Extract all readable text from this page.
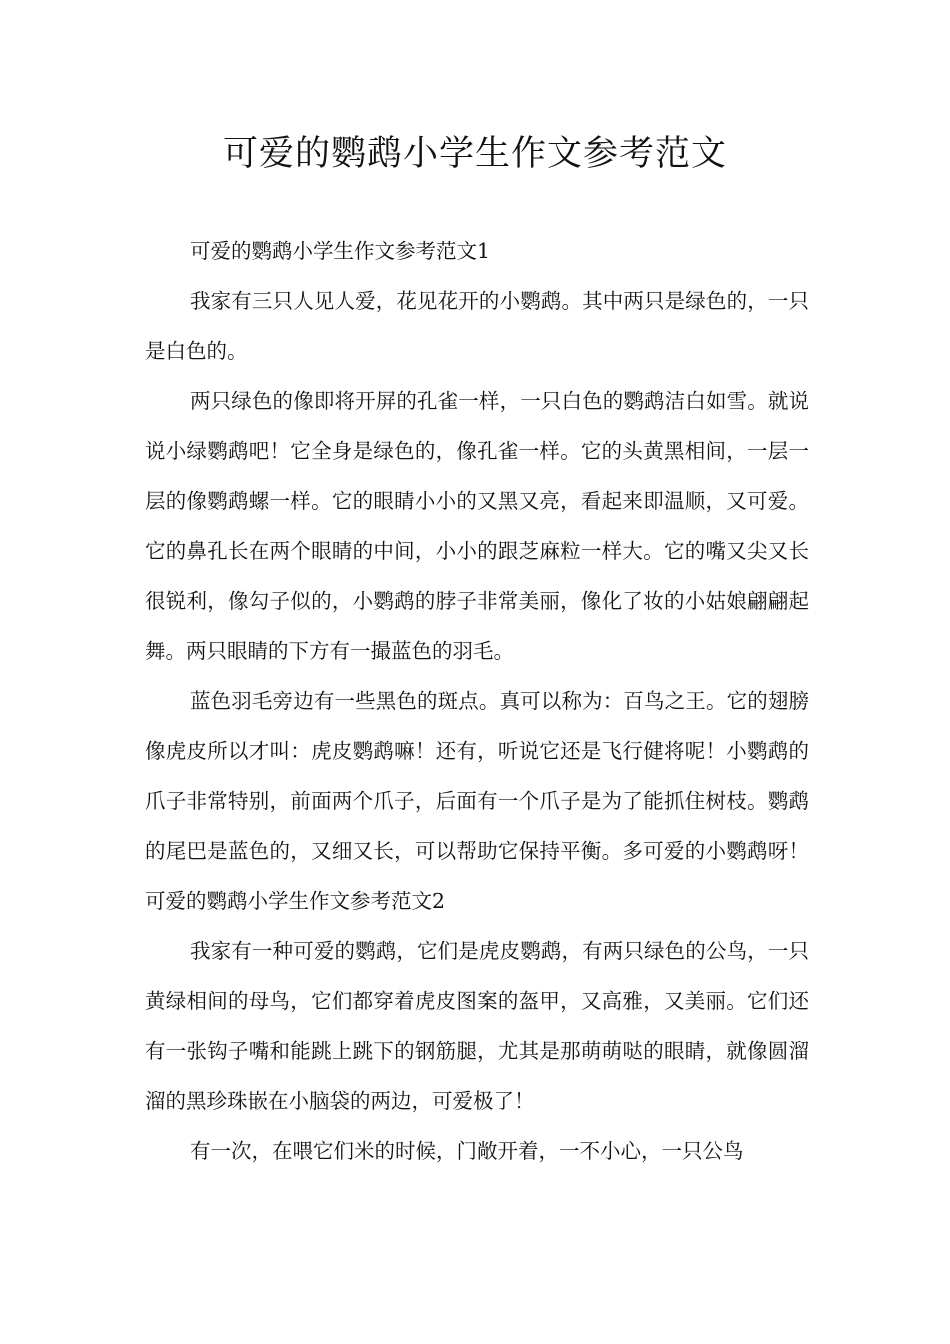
可爱的鹦鹉小学生作文参考范文

可爱的鹦鹉小学生作文参考范文1

我家有三只人见人爱，花见花开的小鹦鹉。其中两只是绿色的，一只是白色的。

两只绿色的像即将开屏的孔雀一样，一只白色的鹦鹉洁白如雪。就说说小绿鹦鹉吧！它全身是绿色的，像孔雀一样。它的头黄黑相间，一层一层的像鹦鹉螺一样。它的眼睛小小的又黑又亮，看起来即温顺，又可爱。它的鼻孔长在两个眼睛的中间，小小的跟芝麻粒一样大。它的嘴又尖又长很锐利，像勾子似的，小鹦鹉的脖子非常美丽，像化了妆的小姑娘翩翩起舞。两只眼睛的下方有一撮蓝色的羽毛。

蓝色羽毛旁边有一些黑色的斑点。真可以称为：百鸟之王。它的翅膀像虎皮所以才叫：虎皮鹦鹉嘛！还有，听说它还是飞行健将呢！小鹦鹉的爪子非常特别，前面两个爪子，后面有一个爪子是为了能抓住树枝。鹦鹉的尾巴是蓝色的，又细又长，可以帮助它保持平衡。多可爱的小鹦鹉呀！可爱的鹦鹉小学生作文参考范文2

我家有一种可爱的鹦鹉，它们是虎皮鹦鹉，有两只绿色的公鸟，一只黄绿相间的母鸟，它们都穿着虎皮图案的盔甲，又高雅，又美丽。它们还有一张钩子嘴和能跳上跳下的钢筋腿，尤其是那萌萌哒的眼睛，就像圆溜溜的黑珍珠嵌在小脑袋的两边，可爱极了！

有一次，在喂它们米的时候，门敞开着，一不小心，一只公鸟
